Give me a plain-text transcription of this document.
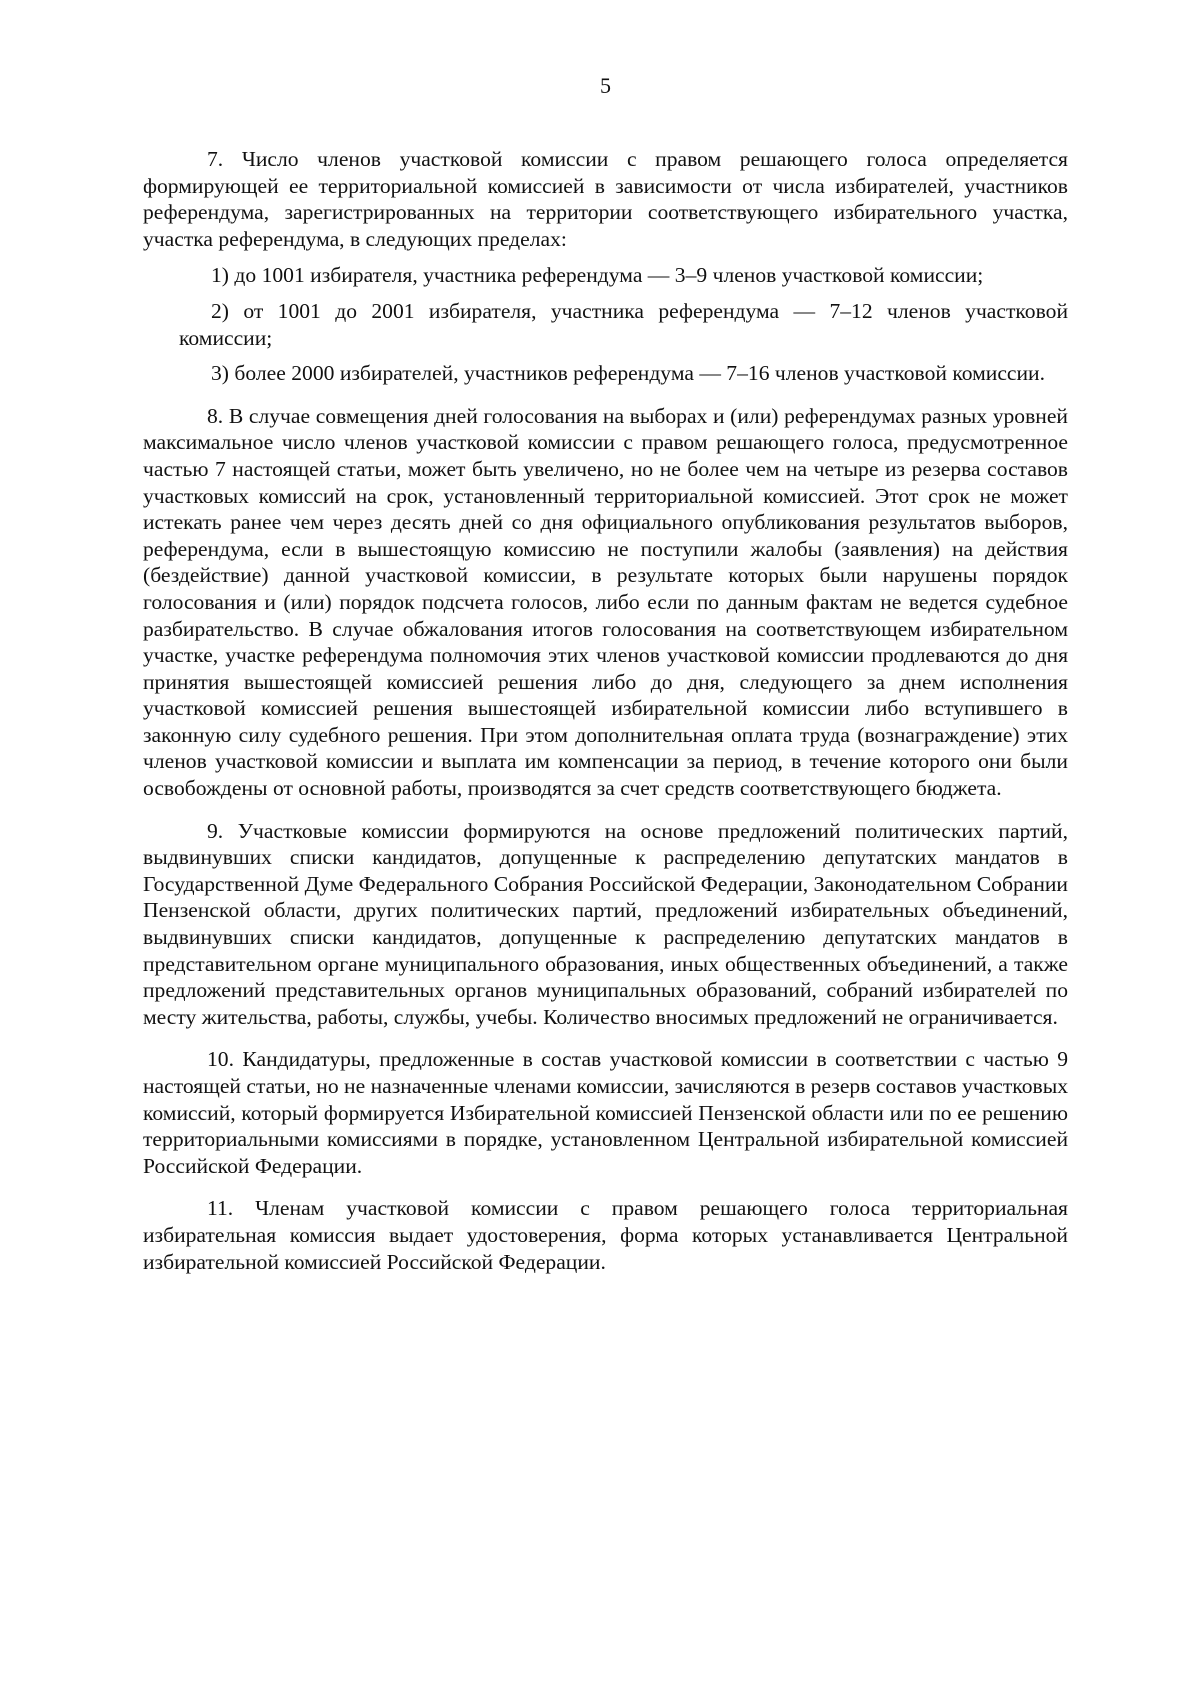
5

7. Число членов участковой комиссии с правом решающего голоса определяется формирующей ее территориальной комиссией в зависимости от числа избирателей, участников референдума, зарегистрированных на территории соответствующего избирательного участка, участка референдума, в следующих пределах:

1) до 1001 избирателя, участника референдума — 3–9 членов участковой комиссии;

2) от 1001 до 2001 избирателя, участника референдума — 7–12 членов участковой комиссии;

3) более 2000 избирателей, участников референдума — 7–16 членов участковой комиссии.

8. В случае совмещения дней голосования на выборах и (или) референдумах разных уровней максимальное число членов участковой комиссии с правом решающего голоса, предусмотренное частью 7 настоящей статьи, может быть увеличено, но не более чем на четыре из резерва составов участковых комиссий на срок, установленный территориальной комиссией. Этот срок не может истекать ранее чем через десять дней со дня официального опубликования результатов выборов, референдума, если в вышестоящую комиссию не поступили жалобы (заявления) на действия (бездействие) данной участковой комиссии, в результате которых были нарушены порядок голосования и (или) порядок подсчета голосов, либо если по данным фактам не ведется судебное разбирательство. В случае обжалования итогов голосования на соответствующем избирательном участке, участке референдума полномочия этих членов участковой комиссии продлеваются до дня принятия вышестоящей комиссией решения либо до дня, следующего за днем исполнения участковой комиссией решения вышестоящей избирательной комиссии либо вступившего в законную силу судебного решения. При этом дополнительная оплата труда (вознаграждение) этих членов участковой комиссии и выплата им компенсации за период, в течение которого они были освобождены от основной работы, производятся за счет средств соответствующего бюджета.

9. Участковые комиссии формируются на основе предложений политических партий, выдвинувших списки кандидатов, допущенные к распределению депутатских мандатов в Государственной Думе Федерального Собрания Российской Федерации, Законодательном Собрании Пензенской области, других политических партий, предложений избирательных объединений, выдвинувших списки кандидатов, допущенные к распределению депутатских мандатов в представительном органе муниципального образования, иных общественных объединений, а также предложений представительных органов муниципальных образований, собраний избирателей по месту жительства, работы, службы, учебы. Количество вносимых предложений не ограничивается.

10. Кандидатуры, предложенные в состав участковой комиссии в соответствии с частью 9 настоящей статьи, но не назначенные членами комиссии, зачисляются в резерв составов участковых комиссий, который формируется Избирательной комиссией Пензенской области или по ее решению территориальными комиссиями в порядке, установленном Центральной избирательной комиссией Российской Федерации.

11. Членам участковой комиссии с правом решающего голоса территориальная избирательная комиссия выдает удостоверения, форма которых устанавливается Центральной избирательной комиссией Российской Федерации.
